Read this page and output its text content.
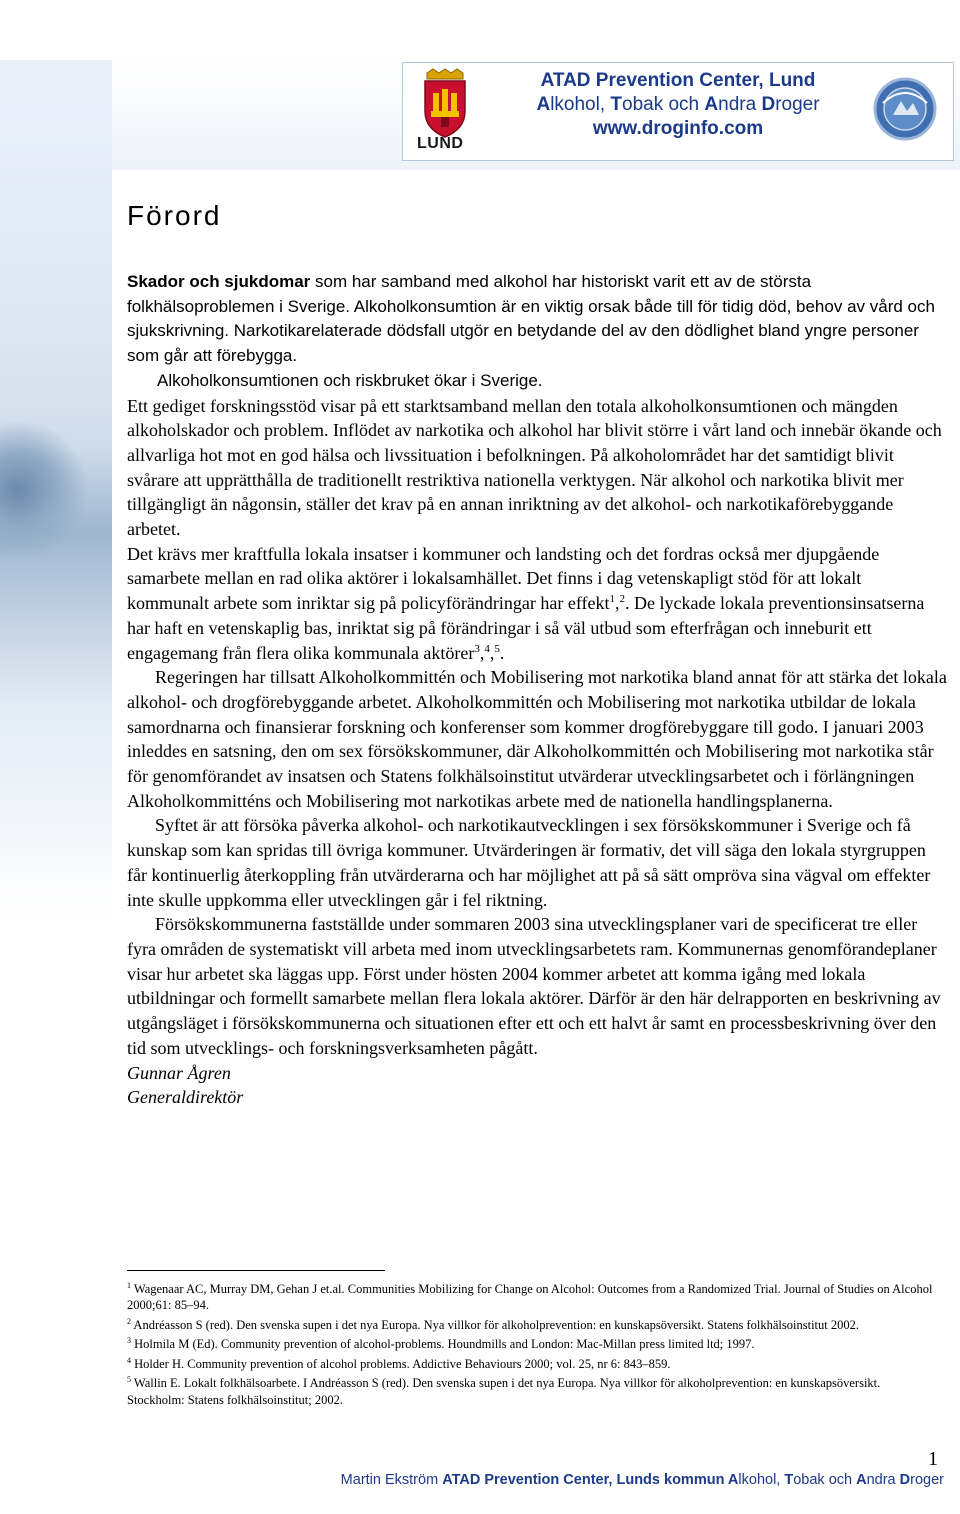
LUND
ATAD Prevention Center, Lund
Alkohol, Tobak och Andra Droger
www.droginfo.com
Förord

Skador och sjukdomar som har samband med alkohol har historiskt varit ett av de största folkhälsoproblemen i Sverige. Alkoholkonsumtion är en viktig orsak både till för tidig död, behov av vård och sjukskrivning. Narkotikarelaterade dödsfall utgör en betydande del av den dödlighet bland yngre personer som går att förebygga.

Alkoholkonsumtionen och riskbruket ökar i Sverige.

Ett gediget forskningsstöd visar på ett starktsamband mellan den totala alkoholkonsumtionen och mängden alkoholskador och problem. Inflödet av narkotika och alkohol har blivit större i vårt land och innebär ökande och allvarliga hot mot en god hälsa och livssituation i befolkningen. På alkoholområdet har det samtidigt blivit svårare att upprätthålla de traditionellt restriktiva nationella verktygen. När alkohol och narkotika blivit mer tillgängligt än någonsin, ställer det krav på en annan inriktning av det alkohol- och narkotikaförebyggande arbetet.

Det krävs mer kraftfulla lokala insatser i kommuner och landsting och det fordras också mer djupgående samarbete mellan en rad olika aktörer i lokalsamhället. Det finns i dag vetenskapligt stöd för att lokalt kommunalt arbete som inriktar sig på policyförändringar har effekt$^1$,$^2$. De lyckade lokala preventionsinsatserna har haft en vetenskaplig bas, inriktat sig på förändringar i så väl utbud som efterfrågan och inneburit ett engagemang från flera olika kommunala aktörer$^3$,$^4$,$^5$.

Regeringen har tillsatt Alkoholkommittén och Mobilisering mot narkotika bland annat för att stärka det lokala alkohol- och drogförebyggande arbetet. Alkoholkommittén och Mobilisering mot narkotika utbildar de lokala samordnarna och finansierar forskning och konferenser som kommer drogförebyggare till godo. I januari 2003 inleddes en satsning, den om sex försökskommuner, där Alkoholkommittén och Mobilisering mot narkotika står för genomförandet av insatsen och Statens folkhälsoinstitut utvärderar utvecklingsarbetet och i förlängningen Alkoholkommitténs och Mobilisering mot narkotikas arbete med de nationella handlingsplanerna.

Syftet är att försöka påverka alkohol- och narkotikautvecklingen i sex försökskommuner i Sverige och få kunskap som kan spridas till övriga kommuner. Utvärderingen är formativ, det vill säga den lokala styrgruppen får kontinuerlig återkoppling från utvärderarna och har möjlighet att på så sätt ompröva sina vägval om effekter inte skulle uppkomma eller utvecklingen går i fel riktning.

Försökskommunerna fastställde under sommaren 2003 sina utvecklingsplaner vari de specificerat tre eller fyra områden de systematiskt vill arbeta med inom utvecklingsarbetets ram. Kommunernas genomförandeplaner visar hur arbetet ska läggas upp. Först under hösten 2004 kommer arbetet att komma igång med lokala utbildningar och formellt samarbete mellan flera lokala aktörer. Därför är den här delrapporten en beskrivning av utgångsläget i försökskommunerna och situationen efter ett och ett halvt år samt en processbeskrivning över den tid som utvecklings- och forskningsverksamheten pågått.

Gunnar Ågren

Generaldirektör

$^1$ Wagenaar AC, Murray DM, Gehan J et.al. Communities Mobilizing for Change on Alcohol: Outcomes from a Randomized Trial. Journal of Studies on Alcohol 2000;61: 85–94.

$^2$ Andréasson S (red). Den svenska supen i det nya Europa. Nya villkor för alkoholprevention: en kunskapsöversikt. Statens folkhälsoinstitut 2002.

$^3$ Holmila M (Ed). Community prevention of alcohol-problems. Houndmills and London: Mac-Millan press limited ltd; 1997.

$^4$ Holder H. Community prevention of alcohol problems. Addictive Behaviours 2000; vol. 25, nr 6: 843–859.

$^5$ Wallin E. Lokalt folkhälsoarbete. I Andréasson S (red). Den svenska supen i det nya Europa. Nya villkor för alkoholprevention: en kunskapsöversikt. Stockholm: Statens folkhälsoinstitut; 2002.

1
Martin Ekström ATAD Prevention Center, Lunds kommun Alkohol, Tobak och Andra Droger
